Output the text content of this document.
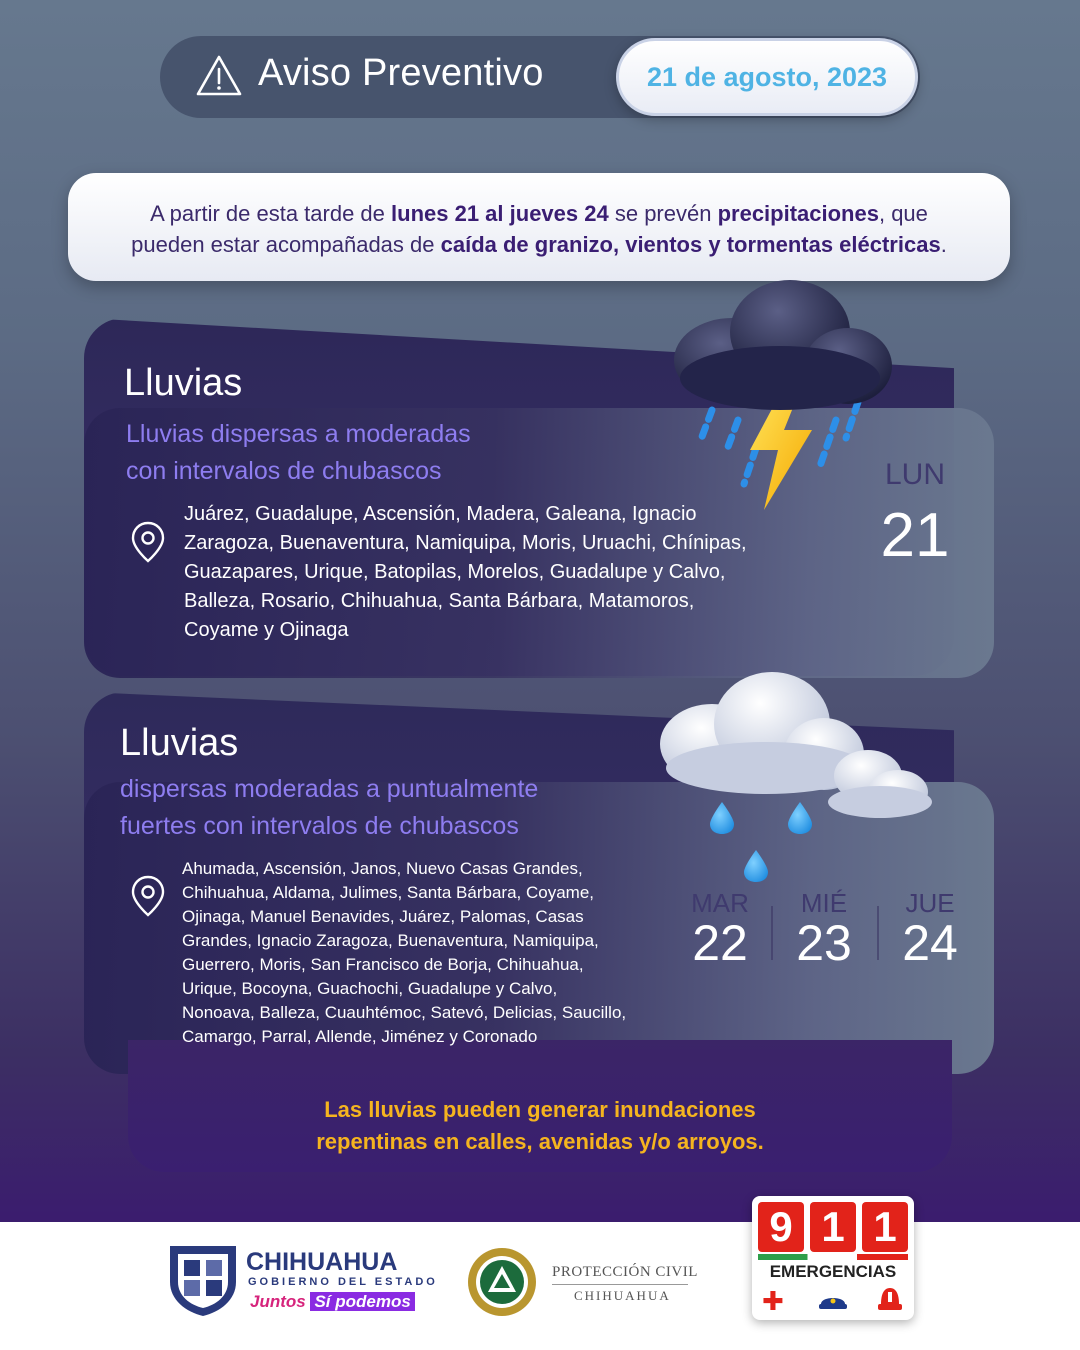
Aviso Preventivo	21 de agosto, 2023
A partir de esta tarde de lunes 21 al jueves 24 se prevén precipitaciones, que
pueden estar acompañadas de caída de granizo, vientos y tormentas eléctricas.
Lluvias
Lluvias dispersas a moderadas
con intervalos de chubascos
Juárez, Guadalupe, Ascensión, Madera, Galeana, Ignacio
Zaragoza, Buenaventura, Namiquipa, Moris, Uruachi, Chínipas,
Guazapares, Urique, Batopilas, Morelos, Guadalupe y Calvo,
Balleza, Rosario, Chihuahua, Santa Bárbara, Matamoros,
Coyame y Ojinaga
LUN
21
Lluvias
dispersas moderadas a puntualmente
fuertes con intervalos de chubascos
Ahumada, Ascensión, Janos, Nuevo Casas Grandes,
Chihuahua, Aldama, Julimes, Santa Bárbara, Coyame,
Ojinaga, Manuel Benavides, Juárez, Palomas, Casas
Grandes, Ignacio Zaragoza, Buenaventura, Namiquipa,
Guerrero, Moris, San Francisco de Borja, Chihuahua,
Urique, Bocoyna, Guachochi, Guadalupe y Calvo,
Nonoava, Balleza, Cuauhtémoc, Satevó, Delicias, Saucillo,
Camargo, Parral, Allende, Jiménez y Coronado
MAR
22
MIÉ
23
JUE
24
Las lluvias pueden generar inundaciones
repentinas en calles, avenidas y/o arroyos.
CHIHUAHUA
GOBIERNO DEL ESTADO
Juntos Sí podemos
PROTECCIÓN CIVIL
CHIHUAHUA
9 1 1
EMERGENCIAS
✚
